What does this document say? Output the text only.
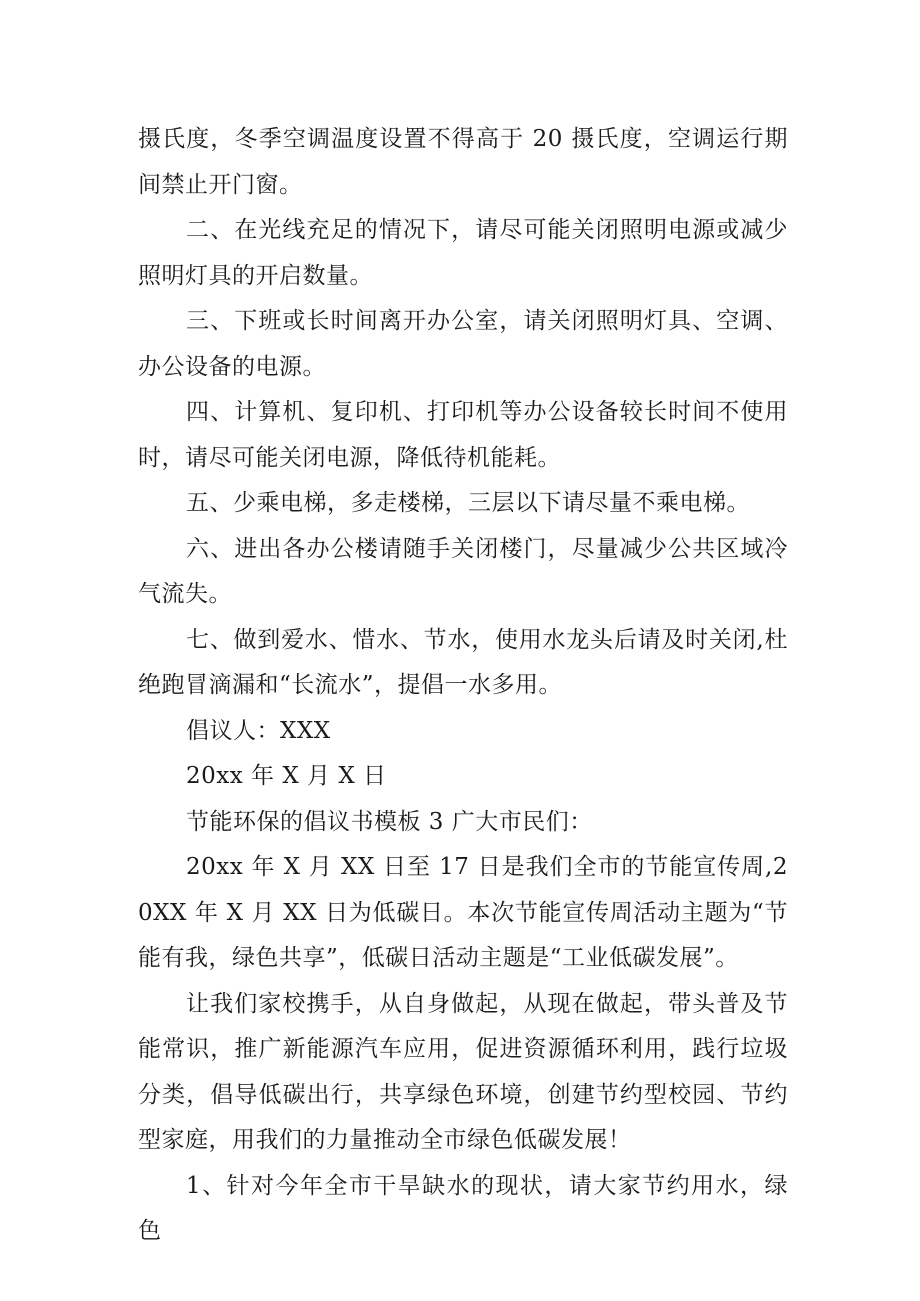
摄氏度，冬季空调温度设置不得高于 20 摄氏度，空调运行期间禁止开门窗。

二、在光线充足的情况下，请尽可能关闭照明电源或减少照明灯具的开启数量。

三、下班或长时间离开办公室，请关闭照明灯具、空调、办公设备的电源。

四、计算机、复印机、打印机等办公设备较长时间不使用时，请尽可能关闭电源，降低待机能耗。

五、少乘电梯，多走楼梯，三层以下请尽量不乘电梯。

六、进出各办公楼请随手关闭楼门，尽量减少公共区域冷气流失。

七、做到爱水、惜水、节水，使用水龙头后请及时关闭,杜绝跑冒滴漏和“长流水”，提倡一水多用。

倡议人：XXX

20xx 年 X 月 X 日

节能环保的倡议书模板 3 广大市民们：

20xx 年 X 月 XX 日至 17 日是我们全市的节能宣传周,20XX 年 X 月 XX 日为低碳日。本次节能宣传周活动主题为“节能有我，绿色共享”，低碳日活动主题是“工业低碳发展”。

让我们家校携手，从自身做起，从现在做起，带头普及节能常识，推广新能源汽车应用，促进资源循环利用，践行垃圾分类，倡导低碳出行，共享绿色环境，创建节约型校园、节约型家庭，用我们的力量推动全市绿色低碳发展！

1、针对今年全市干旱缺水的现状，请大家节约用水，绿色
